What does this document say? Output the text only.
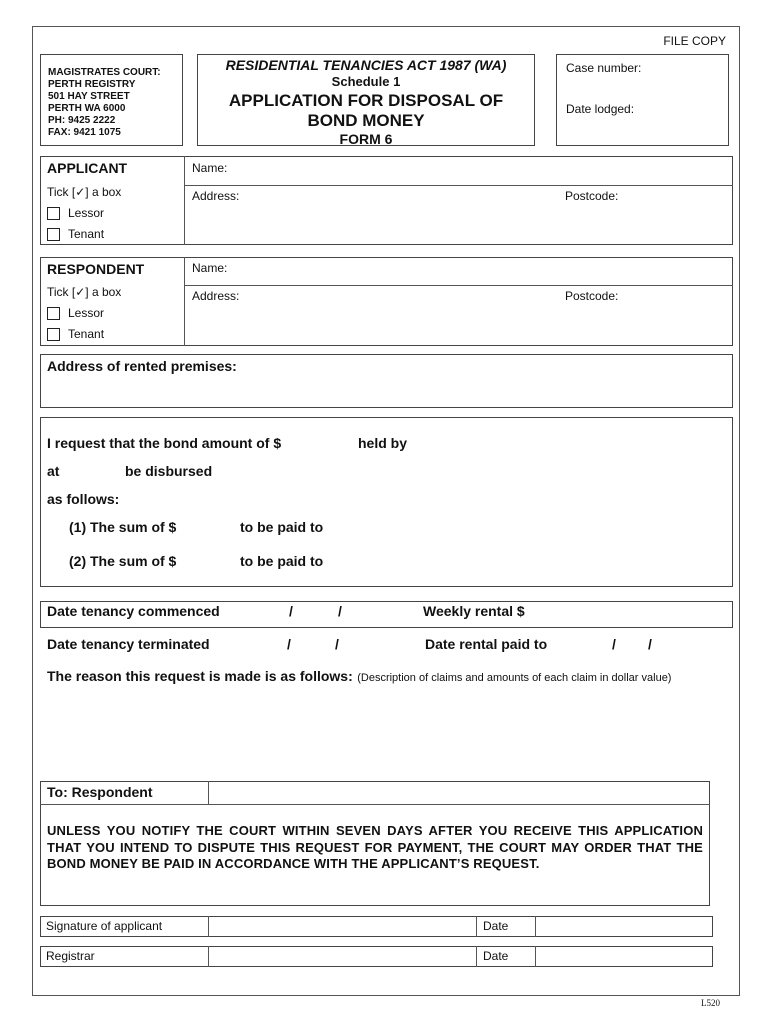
FILE COPY
MAGISTRATES COURT:
PERTH REGISTRY
501 HAY STREET
PERTH WA 6000
PH: 9425 2222
FAX: 9421 1075
RESIDENTIAL TENANCIES ACT 1987 (WA)
Schedule 1
APPLICATION FOR DISPOSAL OF
BOND MONEY
FORM 6
Case number:
Date lodged:
APPLICANT
Tick [✓] a box
Lessor
Tenant
Name:
Address:	Postcode:
RESPONDENT
Tick [✓] a box
Lessor
Tenant
Name:
Address:	Postcode:
Address of rented premises:
I request that the bond amount of $	held by
at	be disbursed
as follows:
(1) The sum of $	to be paid to
(2) The sum of $	to be paid to
Date tenancy commenced	/	/	Weekly rental $
Date tenancy terminated	/	/	Date rental paid to	/ /
The reason this request is made is as follows: (Description of claims and amounts of each claim in dollar value)
To: Respondent
UNLESS YOU NOTIFY THE COURT WITHIN SEVEN DAYS AFTER YOU RECEIVE THIS APPLICATION THAT YOU INTEND TO DISPUTE THIS REQUEST FOR PAYMENT, THE COURT MAY ORDER THAT THE BOND MONEY BE PAID IN ACCORDANCE WITH THE APPLICANT’S REQUEST.
Signature of applicant	Date
Registrar	Date
L520
